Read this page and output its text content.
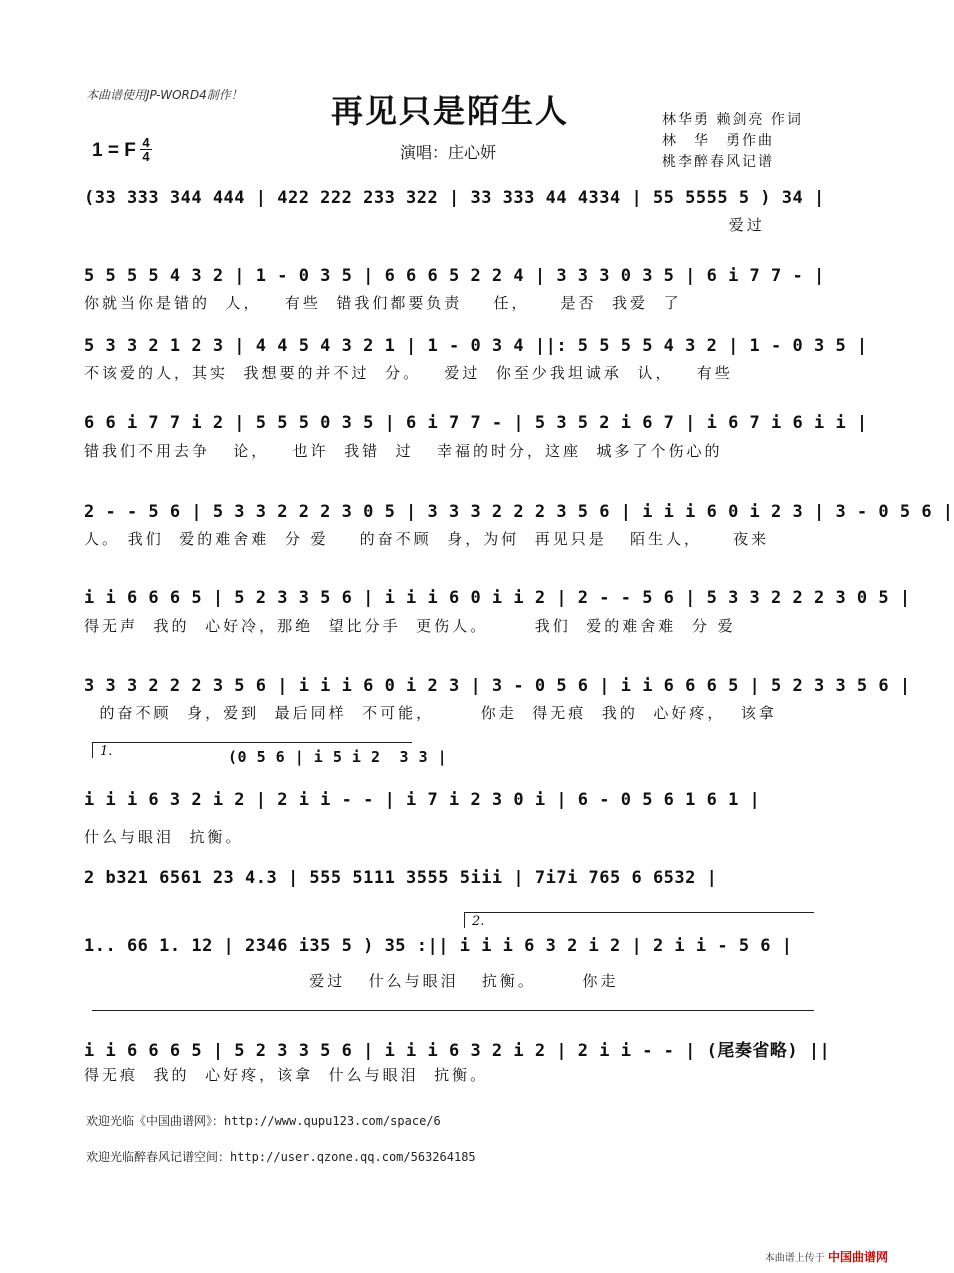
本曲谱使用JP-WORD4制作！	再见只是陌生人	林华勇 赖剑亮 作词
林　华　勇作曲
桃李醉春风记谱
1 = F 4
4	演唱：庄心妍
(33 333 344 444 | 422 222 233 322 | 33 333 44 4334 | 55 5555 5 ) 34 |
爱过
5 5 5 5 4 3 2 | 1 - 0 3 5 | 6 6 6 5 2 2 4 | 3 3 3 0 3 5 | 6 i 7 7 - |
你就当你是错的  人，   有些  错我们都要负责    任，    是否  我爱  了
5 3 3 2 1 2 3 | 4 4 5 4 3 2 1 | 1 - 0 3 4 ||: 5 5 5 5 4 3 2 | 1 - 0 3 5 |
不该爱的人，其实  我想要的并不过  分。   爱过  你至少我坦诚承  认，   有些
6 6 i 7 7 i 2 | 5 5 5 0 3 5 | 6 i 7 7 - | 5 3 5 2 i 6 7 | i 6 7 i 6 i i |
错我们不用去争   论，   也许  我错  过   幸福的时分，这座  城多了个伤心的
2 - - 5 6 | 5 3 3 2 2 2 3 0 5 | 3 3 3 2 2 2 3 5 6 | i i i 6 0 i 2 3 | 3 - 0 5 6 |
人。 我们  爱的难舍难  分 爱    的奋不顾  身，为何  再见只是   陌生人，    夜来
i i 6 6 6 5 | 5 2 3 3 5 6 | i i i 6 0 i i 2 | 2 - - 5 6 | 5 3 3 2 2 2 3 0 5 |
得无声  我的  心好冷，那绝  望比分手  更伤人。      我们  爱的难舍难  分 爱
3 3 3 2 2 2 3 5 6 | i i i 6 0 i 2 3 | 3 - 0 5 6 | i i 6 6 6 5 | 5 2 3 3 5 6 |
的奋不顾  身，爱到  最后同样  不可能，      你走  得无痕  我的  心好疼，  该拿
1.	(0 5 6 | i 5 i 2  3 3 |
i i i 6 3 2 i 2 | 2 i i - - | i 7 i 2 3 0 i | 6 - 0 5 6 1 6 1 |
什么与眼泪  抗衡。
2 b321 6561 23 4.3 | 555 5111 3555 5iii | 7i7i 765 6 6532 |
2.
1.. 66 1. 12 | 2346 i35 5 ) 35 :|| i i i 6 3 2 i 2 | 2 i i - 5 6 |
爱过   什么与眼泪   抗衡。      你走
i i 6 6 6 5 | 5 2 3 3 5 6 | i i i 6 3 2 i 2 | 2 i i - - | (尾奏省略) ||
得无痕  我的  心好疼，该拿  什么与眼泪  抗衡。
欢迎光临《中国曲谱网》：http://www.qupu123.com/space/6
欢迎光临醉春风记谱空间：http://user.qzone.qq.com/563264185
本曲谱上传于 中国曲谱网
